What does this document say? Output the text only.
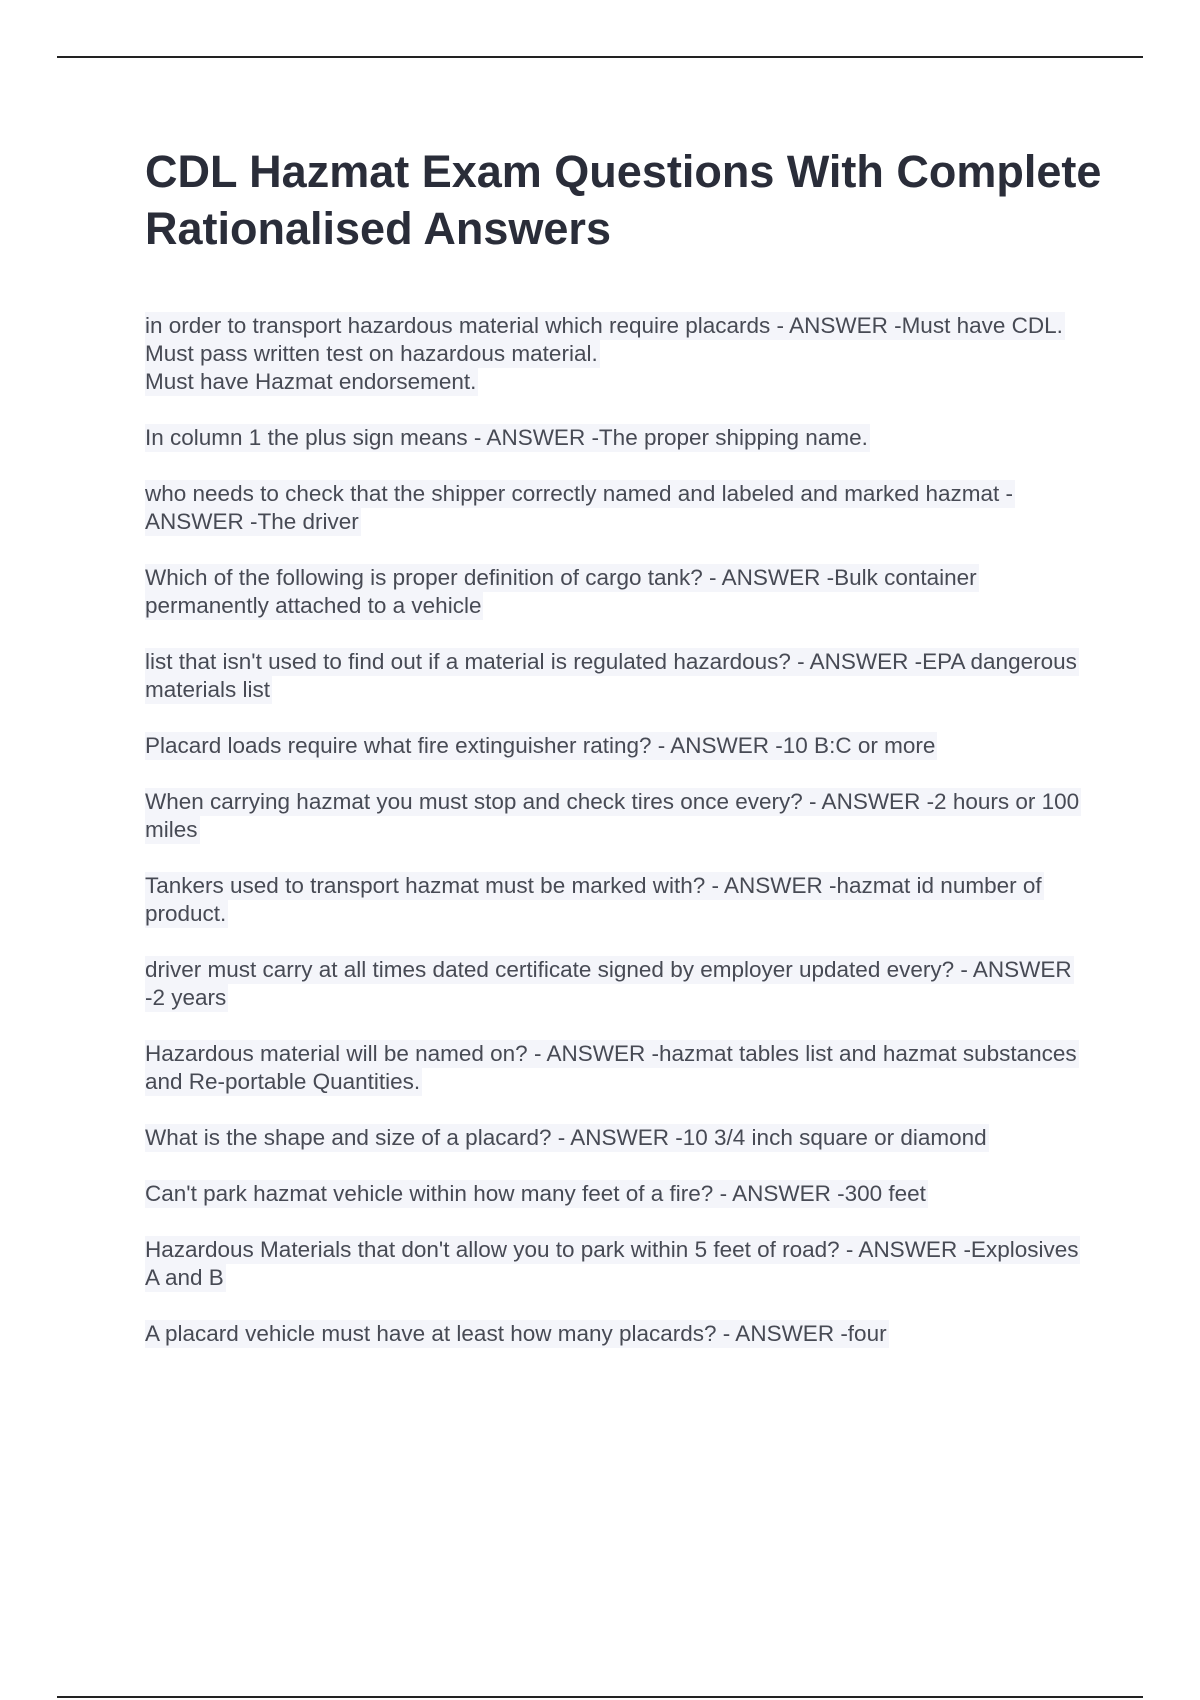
CDL Hazmat Exam Questions With Complete Rationalised Answers

in order to transport hazardous material which require placards - ANSWER -Must have CDL.
Must pass written test on hazardous material.
Must have Hazmat endorsement.

In column 1 the plus sign means - ANSWER -The proper shipping name.

who needs to check that the shipper correctly named and labeled and marked hazmat - ANSWER -The driver

Which of the following is proper definition of cargo tank? - ANSWER -Bulk container permanently attached to a vehicle

list that isn't used to find out if a material is regulated hazardous? - ANSWER -EPA dangerous materials list

Placard loads require what fire extinguisher rating? - ANSWER -10 B:C or more

When carrying hazmat you must stop and check tires once every? - ANSWER -2 hours or 100 miles

Tankers used to transport hazmat must be marked with? - ANSWER -hazmat id number of product.

driver must carry at all times dated certificate signed by employer updated every? - ANSWER -2 years

Hazardous material will be named on? - ANSWER -hazmat tables list and hazmat substances and Re-portable Quantities.

What is the shape and size of a placard? - ANSWER -10 3/4 inch square or diamond

Can't park hazmat vehicle within how many feet of a fire? - ANSWER -300 feet

Hazardous Materials that don't allow you to park within 5 feet of road? - ANSWER -Explosives A and B

A placard vehicle must have at least how many placards? - ANSWER -four
